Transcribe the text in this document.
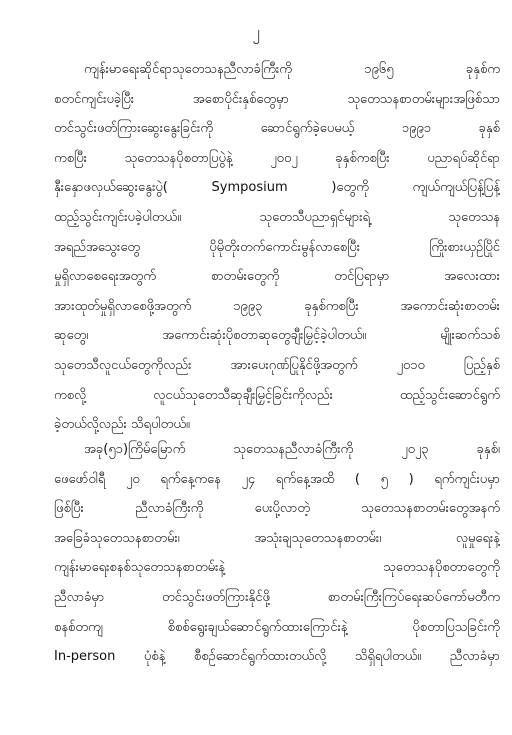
၂
ကျန်းမာရေးဆိုင်ရာသုတေသနညီလာခံကြီးကို ၁၉၆၅ ခုနှစ်က
စတင်ကျင်းပခဲ့ပြီး အစောပိုင်းနှစ်တွေမှာ သုတေသနစာတမ်းများအဖြစ်သာ
တင်သွင်းဖတ်ကြားဆွေးနွေးခြင်းကို ဆောင်ရွက်ခဲ့ပေမယ့် ၁၉၉၁ ခုနှစ်
ကစပြီး သုတေသနပိုစတာပြပွဲနဲ့ ၂၀၀၂ ခုနှစ်ကစပြီး ပညာရပ်ဆိုင်ရာ
နှီးနှောဖလှယ်ဆွေးနွေးပွဲ( Symposium )တွေကို ကျယ်ကျယ်ပြန့်ပြန့်
ထည့်သွင်းကျင်းပခဲ့ပါတယ်။ သုတေသီပညာရှင်များရဲ့ သုတေသန
အရည်အသွေးတွေ ပိုမိုတိုးတက်ကောင်းမွန်လာစေပြီး ကြိုးစားယှဉ်ပြိုင်
မှုရှိလာစေရေးအတွက် စာတမ်းတွေကို တင်ပြရာမှာ အလေးထား
အားထုတ်မှုရှိလာစေဖို့အတွက် ၁၉၉၃ ခုနှစ်ကစပြီး အကောင်းဆုံးစာတမ်း
ဆုတွေ၊ အကောင်းဆုံးပိုစတာဆုတွေချီးမြှင့်ခဲ့ပါတယ်။ မျိုးဆက်သစ်
သုတေသီလူငယ်တွေကိုလည်း အားပေးဂုဏ်ပြုနိုင်ဖို့အတွက် ၂၀၁၀ ပြည့်နှစ်
ကစလို့ လူငယ်သုတေသီဆုချီးမြှင့်ခြင်းကိုလည်း ထည့်သွင်းဆောင်ရွက်
ခဲ့တယ်လို့လည်း သိရပါတယ်။
အခု(၅၁)ကြိမ်မြောက် သုတေသနညီလာခံကြီးကို ၂၀၂၃ ခုနှစ်၊
ဖေဖော်ဝါရီ ၂၀ ရက်နေ့ကနေ ၂၄ ရက်နေ့အထိ ( ၅ ) ရက်ကျင်းပမှာ
ဖြစ်ပြီး ညီလာခံကြီးကို ပေးပို့လာတဲ့ သုတေသနစာတမ်းတွေအနက်
အခြေခံသုတေသနစာတမ်း၊ အသုံးချသုတေသနစာတမ်း၊ လူမှုရေးနဲ့
ကျန်းမာရေးစနစ်သုတေသနစာတမ်းနဲ့ သုတေသနပိုစတာတွေကို
ညီလာခံမှာ တင်သွင်းဖတ်ကြားနိုင်ဖို့ စာတမ်းကြီးကြပ်ရေးဆပ်ကော်မတီက
စနစ်တကျ စိစစ်ရွေးချယ်ဆောင်ရွက်ထားကြောင်းနဲ့ ပိုစတာပြသခြင်းကို
In-person ပုံစံနဲ့ စီစဉ်ဆောင်ရွက်ထားတယ်လို့ သိရှိရပါတယ်။ ညီလာခံမှာ
